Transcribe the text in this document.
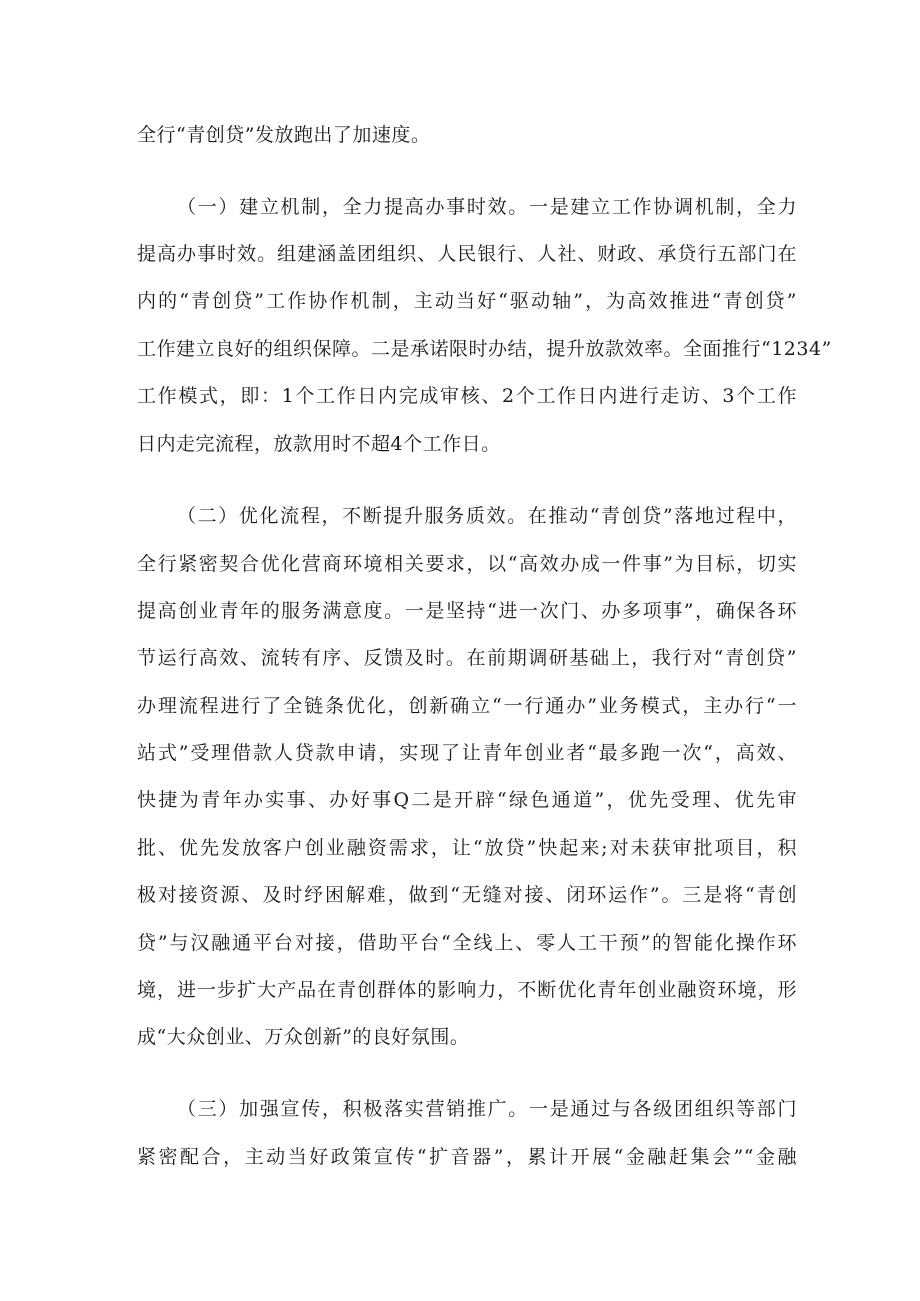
全行“青创贷”发放跑出了加速度。
（一）建立机制，全力提高办事时效。一是建立工作协调机制，全力
提高办事时效。组建涵盖团组织、人民银行、人社、财政、承贷行五部门在
内的“青创贷”工作协作机制，主动当好“驱动轴”，为高效推进“青创贷”
工作建立良好的组织保障。二是承诺限时办结，提升放款效率。全面推行“1234”
工作模式，即：1个工作日内完成审核、2个工作日内进行走访、3个工作
日内走完流程，放款用时不超4个工作日。
（二）优化流程，不断提升服务质效。在推动“青创贷”落地过程中，
全行紧密契合优化营商环境相关要求，以“高效办成一件事”为目标，切实
提高创业青年的服务满意度。一是坚持“进一次门、办多项事”，确保各环
节运行高效、流转有序、反馈及时。在前期调研基础上，我行对“青创贷”
办理流程进行了全链条优化，创新确立“一行通办”业务模式，主办行“一
站式”受理借款人贷款申请，实现了让青年创业者“最多跑一次“，高效、
快捷为青年办实事、办好事Q二是开辟“绿色通道”，优先受理、优先审
批、优先发放客户创业融资需求，让“放贷”快起来;对未获审批项目，积
极对接资源、及时纾困解难，做到“无缝对接、闭环运作”。三是将“青创
贷”与汉融通平台对接，借助平台“全线上、零人工干预”的智能化操作环
境，进一步扩大产品在青创群体的影响力，不断优化青年创业融资环境，形
成“大众创业、万众创新”的良好氛围。
（三）加强宣传，积极落实营销推广。一是通过与各级团组织等部门
紧密配合，主动当好政策宣传“扩音器”，累计开展“金融赶集会”“金融
